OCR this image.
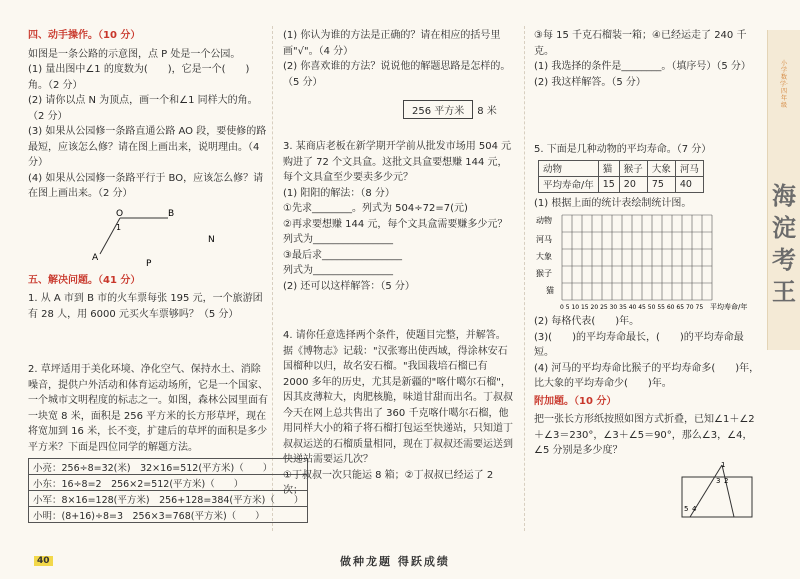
四、动手操作。（10 分）

如图是一条公路的示意图，点 P 处是一个公园。

(1) 量出图中∠1 的度数为(　　)，它是一个(　　)角。（2 分）

(2) 请你以点 N 为顶点，画一个和∠1 同样大的角。（2 分）

(3) 如果从公园修一条路直通公路 AO 段，要使修的路最短，应该怎么修？请在图上画出来，说明理由。（4 分）

(4) 如果从公园修一条路平行于 BO，应该怎么修？请在图上画出来。（2 分）

O	B
A
1
N
P

五、解决问题。（41 分）

1. 从 A 市到 B 市的火车票每张 195 元，一个旅游团有 28 人，用 6000 元买火车票够吗？（5 分）

2. 草坪适用于美化环境、净化空气、保持水土、消除噪音，提供户外活动和体育运动场所，它是一个国家、一个城市文明程度的标志之一。如图，森林公园里面有一块宽 8 米，面积是 256 平方米的长方形草坪，现在将宽加到 16 米，长不变，扩建后的草坪的面积是多少平方米？下面是四位同学的解题方法。

小亮：256÷8=32(米)　32×16=512(平方米)（　　）
小东：16÷8=2　256×2=512(平方米)（　　）
小军：8×16=128(平方米)　256+128=384(平方米)（　　）
小明：(8+16)÷8=3　256×3=768(平方米)（　　）

(1) 你认为谁的方法是正确的？请在相应的括号里画"√"。（4 分）

(2) 你喜欢谁的方法？说说他的解题思路是怎样的。（5 分）

256 平方米	8 米

3. 某商店老板在新学期开学前从批发市场用 504 元购进了 72 个文具盒。这批文具盒要想赚 144 元，每个文具盒至少要卖多少元？

(1) 阳阳的解法：（8 分）

①先求________。列式为 504÷72=7(元)

②再求要想赚 144 元，每个文具盒需要赚多少元？

列式为________________

③最后求________________

列式为________________

(2) 还可以这样解答：（5 分）

4. 请你任意选择两个条件，使题目完整，并解答。

据《博物志》记载："汉张骞出使西域，得涂林安石国榴种以归，故名安石榴。"我国栽培石榴已有 2000 多年的历史，尤其是新疆的"喀什噶尔石榴"，因其皮薄粒大，肉肥核脆，味道甘甜而出名。丁叔叔今天在网上总共售出了 360 千克喀什噶尔石榴，他用同样大小的箱子将石榴打包运至快递站，只知道丁叔叔运送的石榴质量相同，现在丁叔叔还需要运送到快递站需要运几次？

①丁叔叔一次只能运 8 箱；②丁叔叔已经运了 2 次；

③每 15 千克石榴装一箱；④已经运走了 240 千克。

(1) 我选择的条件是________。（填序号）（5 分）

(2) 我这样解答。（5 分）

5. 下面是几种动物的平均寿命。（7 分）

动物	猫	猴子	大象	河马
平均寿命/年	15	20	75	40

(1) 根据上面的统计表绘制统计图。

动物
河马
大象
猴子
猫
0 5 10 15 20 25 30 35 40 45 50 55 60 65 70 75 平均寿命/年

(2) 每格代表(　　)年。

(3)(　　)的平均寿命最长，(　　)的平均寿命最短。

(4) 河马的平均寿命比猴子的平均寿命多(　　)年，比大象的平均寿命少(　　)年。

附加题。（10 分）

把一张长方形纸按照如图方式折叠，已知∠1＋∠2＋∠3＝230°，∠3＋∠5＝90°，那么∠3，∠4，∠5 分别是多少度？

1
2
3
5 4
小学数学·四年级
海淀考王
40	做种龙题 得跃成绩
